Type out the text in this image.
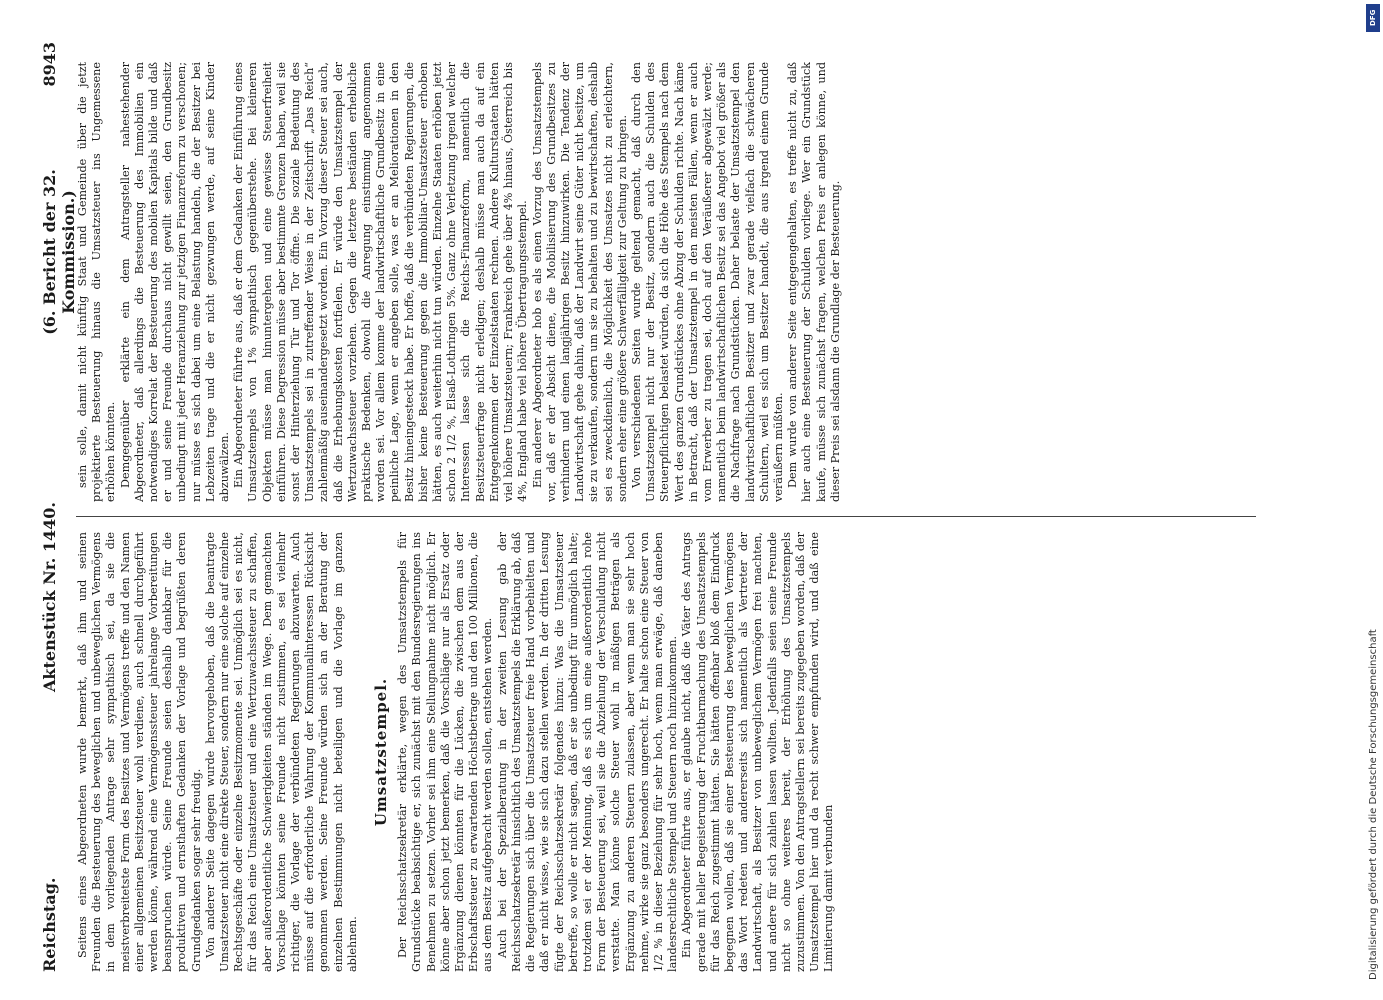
Reichstag.
Aktenstück Nr. 1440.
(6. Bericht der 32. Kommission.)
8943

Seitens eines Abgeordneten wurde bemerkt, daß ihm und seinen Freunden die Besteuerung des beweglichen und unbeweglichen Vermögens in dem vorliegenden Antrage sehr sympathisch sei, da sie die meistverbreitetste Form des Besitzes und Vermögens treffe und den Namen einer allgemeinen Besitzsteuer wohl verdiene, auch schnell durchgeführt werden könne, während eine Vermögenssteuer jahrelange Vorbereitungen beanspruchen würde. Seine Freunde seien deshalb dankbar für die produktiven und ernsthaften Gedanken der Vorlage und begrüßten deren Grundgedanken sogar sehr freudig. Von anderer Seite dagegen wurde hervorgehoben, daß die beantragte Umsatzsteuer nicht eine direkte Steuer, sondern nur eine solche auf einzelne Rechtsgeschäfte oder einzelne Besitzmomente sei. Unmöglich sei es nicht, für das Reich eine Umsatzsteuer und eine Wertzuwachssteuer zu schaffen, aber außerordentliche Schwierigkeiten ständen im Wege. Dem gemachten Vorschlage könnten seine Freunde nicht zustimmen, es sei vielmehr richtiger, die Vorlage der verbündeten Regierungen abzuwarten. Auch müsse auf die erforderliche Wahrung der Kommunalinteressen Rücksicht genommen werden. Seine Freunde würden sich an der Beratung der einzelnen Bestimmungen nicht beteiligen und die Vorlage im ganzen ablehnen.

Umsatzstempel. Der Reichsschatzsekretär erklärte, wegen des Umsatzstempels für Grundstücke beabsichtige er, sich zunächst mit den Bundesregierungen ins Benehmen zu setzen. Vorher sei ihm eine Stellungnahme nicht möglich. Er könne aber schon jetzt bemerken, daß die Vorschläge nur als Ersatz oder Ergänzung dienen könnten für die Lücken, die zwischen dem aus der Erbschaftssteuer zu erwartenden Höchstbetrage und den 100 Millionen, die aus dem Besitz aufgebracht werden sollen, entstehen werden. Auch bei der Spezialberatung in der zweiten Lesung gab der Reichsschatzsekretär hinsichtlich des Umsatzstempels die Erklärung ab, daß die Regierungen sich über die Umsatzsteuer freie Hand vorbehielten und daß er nicht wisse, wie sie sich dazu stellen werden. In der dritten Lesung fügte der Reichsschatzsekretär folgendes hinzu: Was die Umsatzsteuer betreffe, so wolle er nicht sagen, daß er sie unbedingt für unmöglich halte; trotzdem sei er der Meinung, daß es sich um eine außerordentlich rohe Form der Besteuerung sei, weil sie die Abziehung der Verschuldung nicht verstatte. Man könne solche Steuer wohl in mäßigen Beträgen als Ergänzung zu anderen Steuern zulassen, aber wenn man sie sehr hoch nehme, wirke sie ganz besonders ungerecht. Er halte schon eine Steuer von 1/2 % in dieser Beziehung für sehr hoch, wenn man erwäge, daß daneben landesrechtliche Stempel und Steuern noch hinzukommen. Ein Abgeordneter führte aus, er glaube nicht, daß die Väter des Antrags gerade mit heller Begeisterung der Fruchtbarmachung des Umsatzstempels für das Reich zugestimmt hätten. Sie hätten offenbar bloß dem Eindruck begegnen wollen, daß sie einer Besteuerung des beweglichen Vermögens das Wort redeten und andererseits sich namentlich als Vertreter der Landwirtschaft, als Besitzer von unbeweglichem Vermögen frei machten, und andere für sich zahlen lassen wollten. Jedenfalls seien seine Freunde nicht so ohne weiteres bereit, der Erhöhung des Umsatzstempels zuzustimmen. Von den Antragstellern sei bereits zugegeben worden, daß der Umsatzstempel hier und da recht schwer empfunden wird, und daß eine Limitierung damit verbunden

sein solle, damit nicht künftig Staat und Gemeinde über die jetzt projektierte Besteuerung hinaus die Umsatzsteuer ins Ungemessene erhöhen könnten. Demgegenüber erklärte ein dem Antragsteller nahestehender Abgeordneter, daß allerdings die Besteuerung des Immobilien ein notwendiges Korrelat der Besteuerung des mobilen Kapitals bilde und daß er und seine Freunde durchaus nicht gewillt seien, den Grundbesitz unbedingt mit jeder Heranziehung zur jetzigen Finanzreform zu verschonen; nur müsse es sich dabei um eine Belastung handeln, die der Besitzer bei Lebzeiten trage und die er nicht gezwungen werde, auf seine Kinder abzuwälzen. Ein Abgeordneter führte aus, daß er dem Gedanken der Einführung eines Umsatzstempels von 1% sympathisch gegenüberstehe. Bei kleineren Objekten müsse man hinuntergehen und eine gewisse Steuerfreiheit einführen. Diese Degression müsse aber bestimmte Grenzen haben, weil sie sonst der Hinterziehung Tür und Tor öffne. Die soziale Bedeutung des Umsatzstempels sei in zutreffender Weise in der Zeitschrift „Das Reich“ zahlenmäßig auseinandergesetzt worden. Ein Vorzug dieser Steuer sei auch, daß die Erhebungskosten fortfielen. Er würde den Umsatzstempel der Wertzuwachssteuer vorziehen. Gegen die letztere beständen erhebliche praktische Bedenken, obwohl die Anregung einstimmig angenommen worden sei. Vor allem komme der landwirtschaftliche Grundbesitz in eine peinliche Lage, wenn er angeben solle, was er an Meliorationen in den Besitz hineingesteckt habe. Er hoffe, daß die verbündeten Regierungen, die bisher keine Besteuerung gegen die Immobiliar-Umsatzsteuer erhoben hätten, es auch weiterhin nicht tun würden. Einzelne Staaten erhöben jetzt schon 2 1/2 %, Elsaß-Lothringen 5%. Ganz ohne Verletzung irgend welcher Interessen lasse sich die Reichs-Finanzreform, namentlich die Besitzsteuerfrage nicht erledigen; deshalb müsse man auch da auf ein Entgegenkommen der Einzelstaaten rechnen. Andere Kulturstaaten hätten viel höhere Umsatzsteuern; Frankreich gehe über 4% hinaus, Österreich bis 4%, England habe viel höhere Übertragungsstempel. Ein anderer Abgeordneter hob es als einen Vorzug des Umsatzstempels vor, daß er der Absicht diene, die Mobilisierung des Grundbesitzes zu verhindern und einen langjährigen Besitz hinzuwirken. Die Tendenz der Landwirtschaft gehe dahin, daß der Landwirt seine Güter nicht besitze, um sie zu verkaufen, sondern um sie zu behalten und zu bewirtschaften, deshalb sei es zweckdienlich, die Möglichkeit des Umsatzes nicht zu erleichtern, sondern eher eine größere Schwerfälligkeit zur Geltung zu bringen. Von verschiedenen Seiten wurde geltend gemacht, daß durch den Umsatzstempel nicht nur der Besitz, sondern auch die Schulden des Steuerpflichtigen belastet würden, da sich die Höhe des Stempels nach dem Wert des ganzen Grundstückes ohne Abzug der Schulden richte. Nach käme in Betracht, daß der Umsatzstempel in den meisten Fällen, wenn er auch vom Erwerber zu tragen sei, doch auf den Veräußerer abgewälzt werde; namentlich beim landwirtschaftlichen Besitz sei das Angebot viel größer als die Nachfrage nach Grundstücken. Daher belaste der Umsatzstempel den landwirtschaftlichen Besitzer und zwar gerade vielfach die schwächeren Schultern, weil es sich um Besitzer handelt, die aus irgend einem Grunde veräußern müßten. Dem wurde von anderer Seite entgegengehalten, es treffe nicht zu, daß hier auch eine Besteuerung der Schulden vorliege. Wer ein Grundstück kaufe, müsse sich zunächst fragen, welchen Preis er anlegen könne, und dieser Preis sei alsdann die Grundlage der Besteuerung.

DFG
Digitalisierung gefördert durch die Deutsche Forschungsgemeinschaft
